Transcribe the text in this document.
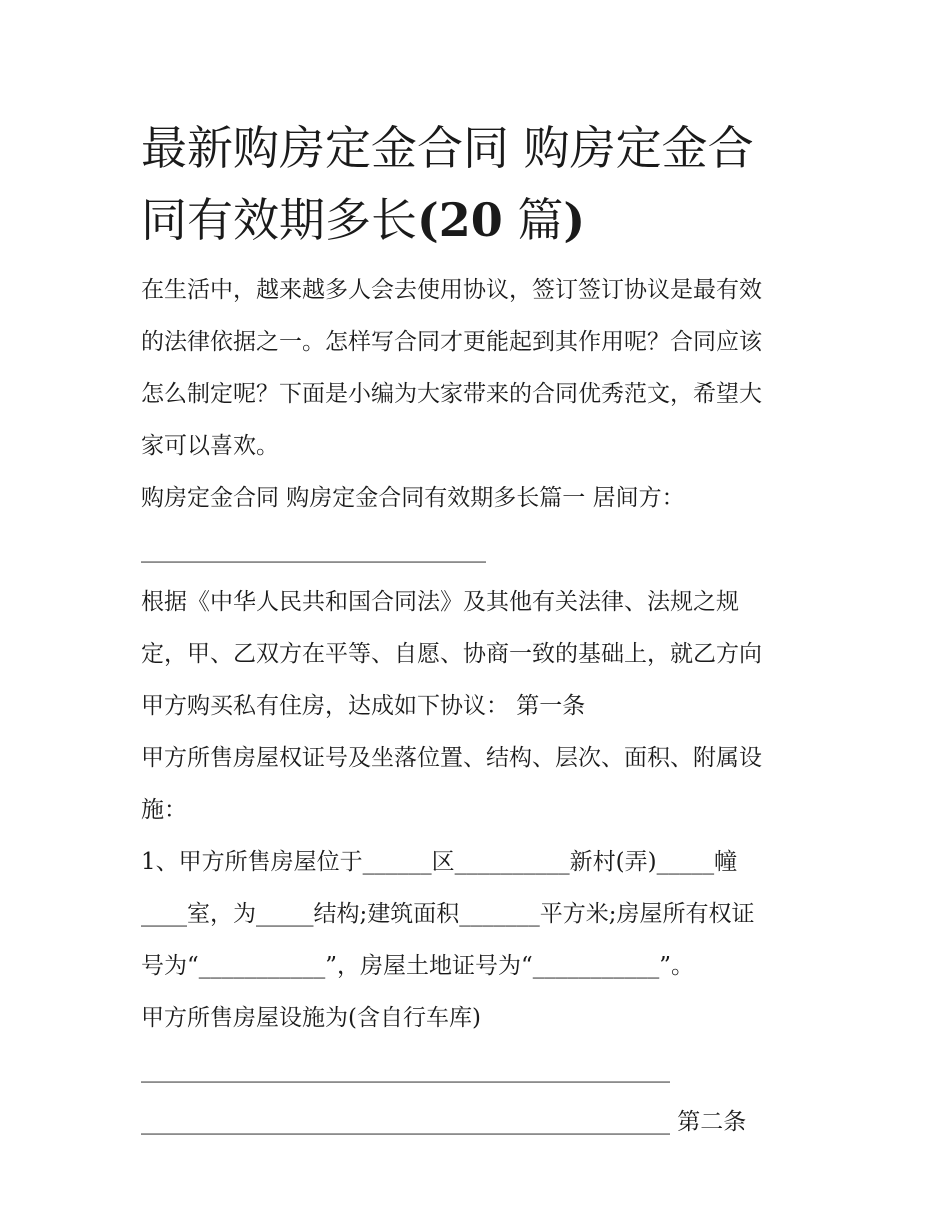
最新购房定金合同 购房定金合
同有效期多长(20 篇)

在生活中，越来越多人会去使用协议，签订签订协议是最有效

的法律依据之一。怎样写合同才更能起到其作用呢？合同应该

怎么制定呢？下面是小编为大家带来的合同优秀范文，希望大

家可以喜欢。

购房定金合同 购房定金合同有效期多长篇一 居间方：

______________________________

根据《中华人民共和国合同法》及其他有关法律、法规之规

定，甲、乙双方在平等、自愿、协商一致的基础上，就乙方向

甲方购买私有住房，达成如下协议： 第一条

甲方所售房屋权证号及坐落位置、结构、层次、面积、附属设

施：

1、甲方所售房屋位于______区__________新村(弄)_____幢

____室，为_____结构;建筑面积_______平方米;房屋所有权证

号为“___________”，房屋土地证号为“___________”。

甲方所售房屋设施为(含自行车库)

______________________________________________

______________________________________________ 第二条
